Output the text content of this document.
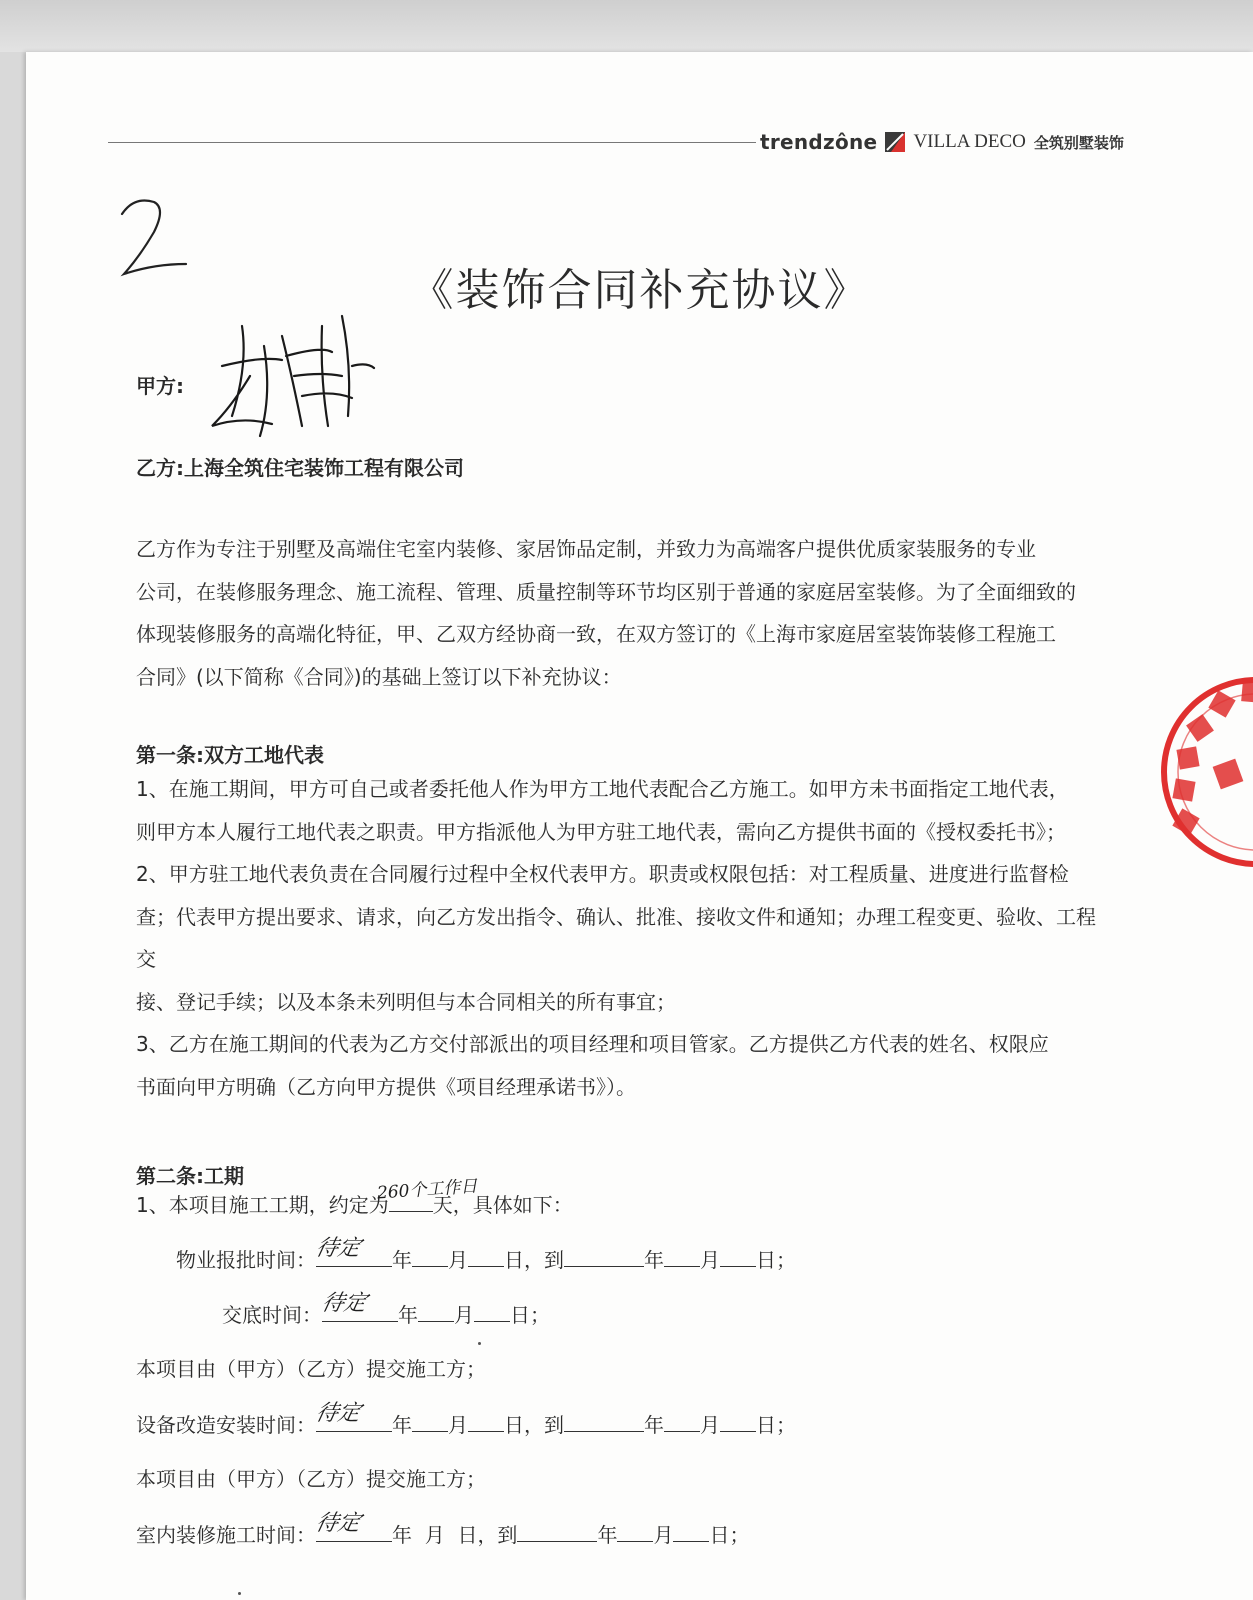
trendzône VILLA DECO 全筑别墅装饰
《装饰合同补充协议》
甲方:
乙方:上海全筑住宅装饰工程有限公司

乙方作为专注于别墅及高端住宅室内装修、家居饰品定制，并致力为高端客户提供优质家装服务的专业

公司，在装修服务理念、施工流程、管理、质量控制等环节均区别于普通的家庭居室装修。为了全面细致的

体现装修服务的高端化特征，甲、乙双方经协商一致，在双方签订的《上海市家庭居室装饰装修工程施工

合同》(以下简称《合同》)的基础上签订以下补充协议：

第一条:双方工地代表

1、在施工期间，甲方可自己或者委托他人作为甲方工地代表配合乙方施工。如甲方未书面指定工地代表，

则甲方本人履行工地代表之职责。甲方指派他人为甲方驻工地代表，需向乙方提供书面的《授权委托书》；

2、甲方驻工地代表负责在合同履行过程中全权代表甲方。职责或权限包括：对工程质量、进度进行监督检

查；代表甲方提出要求、请求，向乙方发出指令、确认、批准、接收文件和通知；办理工程变更、验收、工程交

接、登记手续；以及本条未列明但与本合同相关的所有事宜；

3、乙方在施工期间的代表为乙方交付部派出的项目经理和项目管家。乙方提供乙方代表的姓名、权限应

书面向甲方明确（乙方向甲方提供《项目经理承诺书》）。

第二条:工期
1、本项目施工工期，约定为
260个工作日
天，具体如下：
物业报批时间：
待定 年 月 日，到	年 月 日；
交底时间：
待定 年 月 日；
本项目由（甲方）（乙方）提交施工方；
设备改造安装时间：
待定 年 月 日，到	年 月 日；
本项目由（甲方）（乙方）提交施工方；
室内装修施工时间：
待定 年 月 日，到	年 月 日；
